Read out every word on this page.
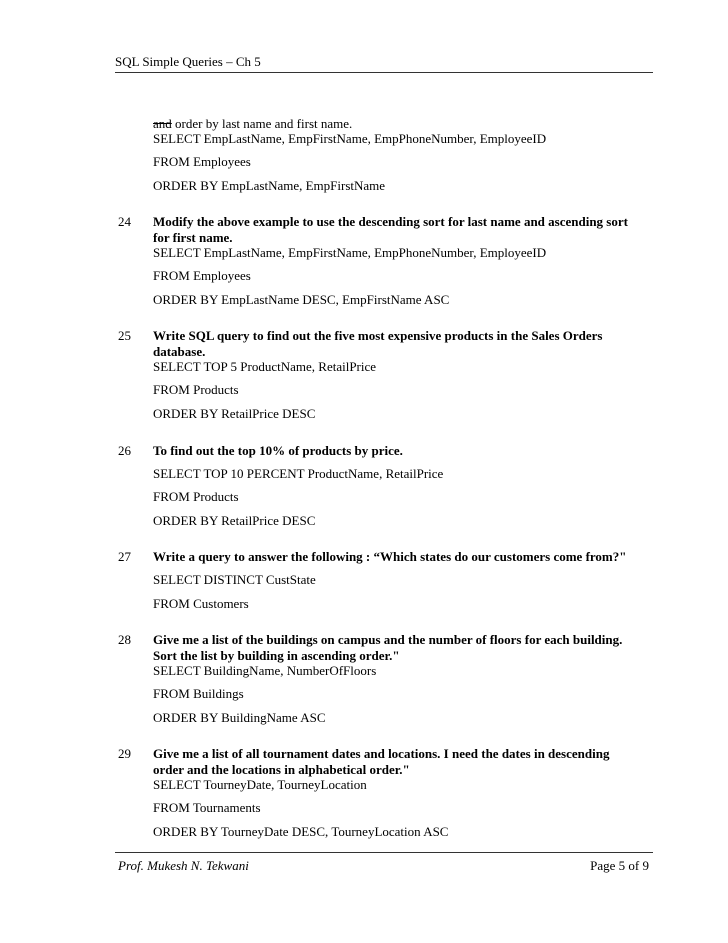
SQL Simple Queries – Ch 5
and order by last name and first name.
SELECT EmpLastName, EmpFirstName, EmpPhoneNumber, EmployeeID
FROM Employees
ORDER BY EmpLastName, EmpFirstName
24 Modify the above example to use the descending sort for last name and ascending sort
for first name.
SELECT EmpLastName, EmpFirstName, EmpPhoneNumber, EmployeeID
FROM Employees
ORDER BY EmpLastName DESC, EmpFirstName ASC
25 Write SQL query to find out the five most expensive products in the Sales Orders
database.
SELECT TOP 5 ProductName, RetailPrice
FROM Products
ORDER BY RetailPrice DESC
26 To find out the top 10% of products by price.
SELECT TOP 10 PERCENT ProductName, RetailPrice
FROM Products
ORDER BY RetailPrice DESC
27 Write a query to answer the following : “Which states do our customers come from?"
SELECT DISTINCT CustState
FROM Customers
28 Give me a list of the buildings on campus and the number of floors for each building.
Sort the list by building in ascending order."
SELECT BuildingName, NumberOfFloors
FROM Buildings
ORDER BY BuildingName ASC
29 Give me a list of all tournament dates and locations. I need the dates in descending
order and the locations in alphabetical order."
SELECT TourneyDate, TourneyLocation
FROM Tournaments
ORDER BY TourneyDate DESC, TourneyLocation ASC
Prof. Mukesh N. Tekwani	Page 5 of 9
